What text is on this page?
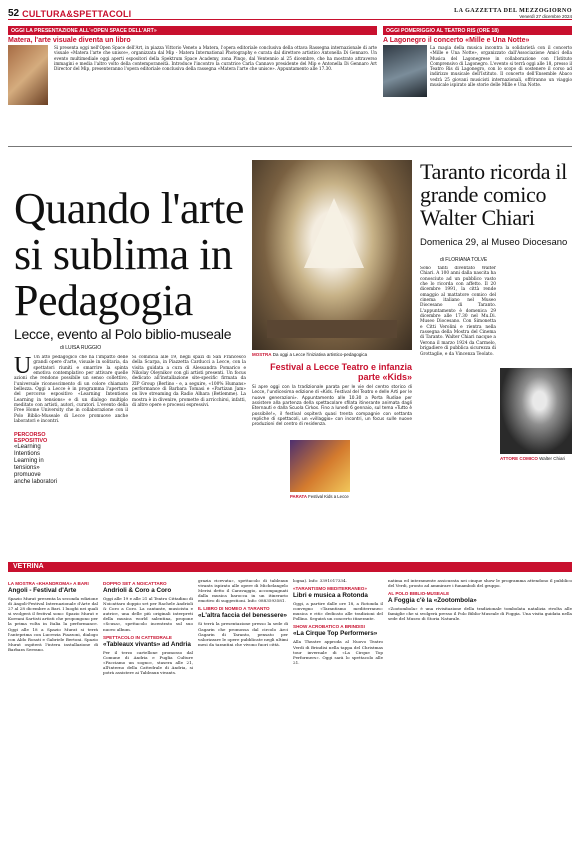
52 CULTURA&SPETTACOLI	LA GAZZETTA DEL MEZZOGIORNO
Venerdì 27 dicembre 2024
OGGI LA PRESENTAZIONE ALL'«OPEN SPACE DELL'ART»
Matera, l'arte visuale diventa un libro
Si presenta oggi nell'Open Space dell'Art, in piazza Vittorio Veneto a Matera, l'opera editoriale conclusiva della ottava Rassegna internazionale di arte visuale «Matera l'arte che unisce», organizzata dal Mip - Matera International Photography e curata dal direttore artistico Antonella Di Gennaro. Un evento multimediale oggi aperti espositori della Spektrum Space Academy, zona Pinqo, dal Ventennio al 25 dicembre, che ha mostrato attraverso immagini e media l'altro volto della contemporaneità. Introduce l'incontro la curatrice Carla Cannavo presidente del Mip e Antonella Di Gennaro Art Director del Mip, presenteranno l'opera editoriale conclusiva della rassegna «Matera l'arte che unisce». Appuntamento alle 17.30.
OGGI POMERIGGIO AL TEATRO RIS (ORE 18)
A Lagonegro il concerto «Mille e Una Notte»
La magia della musica incontra la solidarietà con il concerto «Mille e Una Notte», organizzato dall'Associazione Amici della Musica del Lagonegrese in collaborazione con l'Istituto Comprensivo di Lagonegro. L'evento si terrà oggi alle 18, presso il Teatro Ris di Lagonegro, con lo scopo di sostenere il corso ad indirizzo musicale dell'Istituto. Il concerto dell'Ensemble Abaco vedrà 25 giovani musicisti internazionali, offriranno un viaggio musicale ispirato alle storie delle Mille e Una Notte.
Quando l'arte si sublima in Pedagogia
Lecce, evento al Polo biblio-museale
di LUISA RUGGIO
MOSTRA Da oggi a Lecce l'iniziativa artistico-pedagogica
U Un atto pedagogico che ha l'impatto delle grandi opere d'arte, visuale in solitaria, da spettatori riuniti e smarrire la spinta emotiva contemplativo per attivare quelle azioni che rendono possibile un senso collettivo, l'universale riconoscimento di un colore chiamato bellezza. Oggi a Lecce è in programma l'apertura del percorso espositivo «Learning Intentions Learning in tensions» e di un dialogo multiplo meditato con artisti, autori, curatori. L'evento della Free Home University che in collaborazione con il Polo Biblio-Museale di Lecce promuove anche laboratori e incontri.
Si comincia alle 19, negli spazi di San Francesco della Scarpa, in Piazzetta Carducci a Lecce, con la visita guidata a cura di Alessandra Pomarico e Nikolay Oleynikov con gli artisti presenti. Un focus dedicato all'installazione site-specific firmata da ZIP Group (Berlino - e, a seguire, «100% Humans» performance di Barbara Tomasi e «Partizan Jam» on live streaming da Radio Alhara (Betlemme). La mostra è in divenire, promette di arricchirsi, infatti, di altre opere e processi espressivi.
PERCORSO ESPOSITIVO
«Learning Intentions Learning in tensions» promuove anche laboratori
Taranto ricorda il grande comico Walter Chiari
Domenica 29, al Museo Diocesano
di FLORIANA TOLVE
Sono tanti diventato Walter Chiari. A 100 anni dalla nascita ha conosciuto ad un pubblico vasto che lo ricorda con affetto. Il 20 dicembre 1991, la città rende omaggio al mattatore comico del cinema italiano nel Museo Diocesano di Taranto. L'appuntamento è domenica 29 dicembre alle 17.30 nel Mu.Di. Museo Diocesano. Con Simonetta e Citti Verolini e rientra nella rassegna della Mostra del Cinema di Taranto. Walter Chiari nacque a Verona il marzo 1924 da Carmelo, brigadiere di pubblica sicurezza di Grottaglie, e da Vincenza Teolato.
ATTORE COMICO Walter Chiari
Festival a Lecce Teatro e infanzia parte «Kids»
Si apre oggi con la tradizionale parata per le vie del centro storico di Lecce, l'undicesima edizione di «Kids. Festival del Teatro e delle Arti per le nuove generazioni». Appuntamento alle 10.30 a Porta Rudiae per assistere alla partenza della spettacolare sfilata itinerante animata dagli Eternauti e dalla Scuola Cirkos. Fino a lunedì 6 gennaio, sul tema «Tutto è possibile!», il festival ospiterà quasi trenta compagnie con settanta repliche di spettacoli, un «villaggio» con incontri, un focus sulle nuove produzioni del centro di residenza.
PARATA Festival Kids a Lecce
VETRINA
LA MOSTRA «KHANDROMA» A BARI
Angoli - Festival d'Arte
Spazio Murat presenta la seconda edizione di Angoli-Festival Internazionale d'Arte dal 27 al 28 dicembre a Bari. I luoghi nei quali si svolgerà il festival sono: Spazio Murat e Koreani Sartisti artisti che propongono per la prima volta in Italia la performance. Oggi alle 18 a Spazio Murat si terrà l'anteprima con Lucrezia Piazzoni, dialogo con Aldo Rosati e Gabriele Bertoni. Spazio Murat ospiterà l'intera installazione di Barbara Serrano.
DOPPIO SET A NOICATTARO
Andrioli & Coro a Coro
Oggi alle 19 e alle 21 al Teatro Cittadino di Noicattaro doppio set per Rachele Andrioli & Coro a Coro. La cantante, musicista e autrice, una delle più originali interpreti della musica world salentina, propone «Scusa», spettacolo incentrato sul suo nuovo album.
SPETTACOLO IN CATTEDRALE
«Tableaux vivants» ad Andria
Per il terzo cartellone promosso dal Comune di Andria e Puglia Culture «Facciamo un sogno», stasera alle 21, all'interno della Cattedrale di Andria, si potrà assistere ai Tableaux vivants.
grazia ricevuta», spettacolo di tableaux vivants ispirato alle opere di Michelangelo Merisi detto il Caravaggio, accompagnati dalla musica barocca in un itinerario emotivo di suggestioni. Info: 0883593581.
IL LIBRO DI NOMEO A TARANTO
«L'altra faccia del benessere»
Si terrà la presentazione presso la sede di Gagarin che promossa dal circolo Arci Gagarin di Taranto, pensato per valorizzare le opere pubblicate negli ultimi mesi da tarantini che vivono fuori città.
logna). Info: 3391017334.
«TARANTISMO MEDITERRANEO»
Libri e musica a Rotonda
Oggi, a partire dalle ore 18, a Rotonda il convegno «Tarantismo mediterraneo: musica e riti» dedicato alle tradizioni del Pollino. Seguirà un concerto itinerante.
SHOW ACROBATICO A BRINDISI
«La Cirque Top Performers»
Alla Theatre approda al Nuovo Teatro Verdi di Brindisi nella tappa del Christmas tour invernale di «La Cirque Top Performers». Oggi sarà lo spettacolo alle 21.
natima ed interamente assicurata nei cinque show le programma attendono il pubblico del Verdi, pronto ad ammirare i funamboli del gruppo.
AL POLO BIBLIO-MUSEALE
A Foggia c'è la «Zootombola»
«Zootombola» è una rivisitazione della tradizionale tombolata natalizia rivolta alle famiglie che si svolgerà presso il Polo Biblio-Museale di Foggia. Una visita guidata nella sede del Museo di Storia Naturale.
